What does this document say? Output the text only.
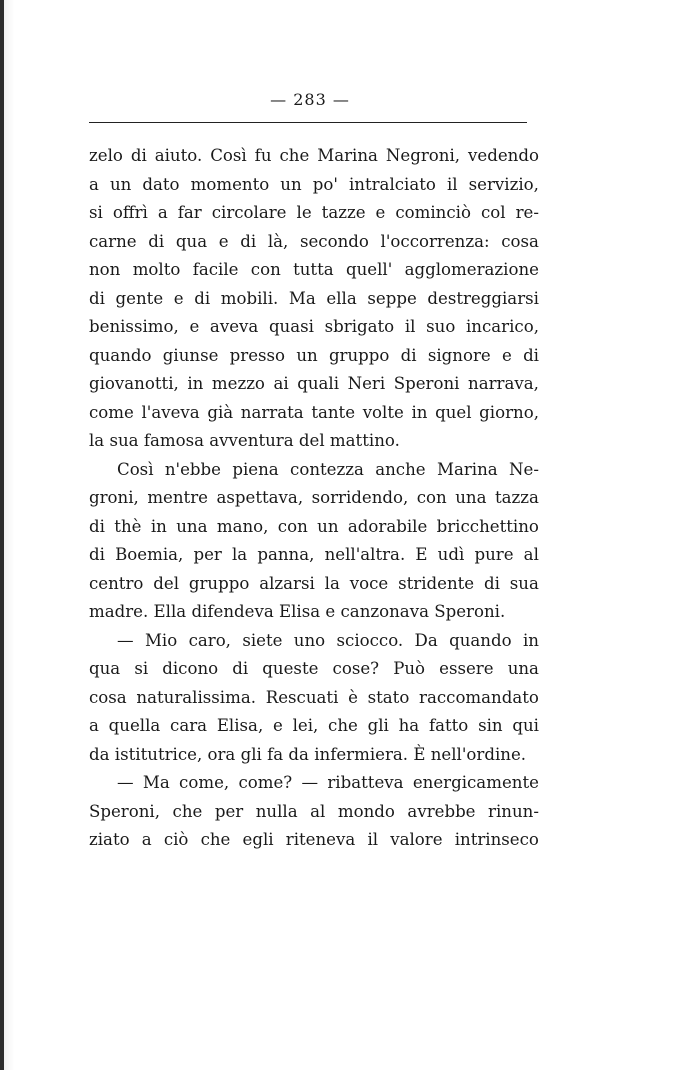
— 283 —
zelo di aiuto. Così fu che Marina Negroni, vedendo
a un dato momento un po' intralciato il servizio,
si offrì a far circolare le tazze e cominciò col re-
carne di qua e di là, secondo l'occorrenza: cosa
non molto facile con tutta quell' agglomerazione
di gente e di mobili. Ma ella seppe destreggiarsi
benissimo, e aveva quasi sbrigato il suo incarico,
quando giunse presso un gruppo di signore e di
giovanotti, in mezzo ai quali Neri Speroni narrava,
come l'aveva già narrata tante volte in quel giorno,
la sua famosa avventura del mattino.
Così n'ebbe piena contezza anche Marina Ne-
groni, mentre aspettava, sorridendo, con una tazza
di thè in una mano, con un adorabile bricchettino
di Boemia, per la panna, nell'altra. E udì pure al
centro del gruppo alzarsi la voce stridente di sua
madre. Ella difendeva Elisa e canzonava Speroni.
— Mio caro, siete uno sciocco. Da quando in
qua si dicono di queste cose? Può essere una
cosa naturalissima. Rescuati è stato raccomandato
a quella cara Elisa, e lei, che gli ha fatto sin qui
da istitutrice, ora gli fa da infermiera. È nell'ordine.
— Ma come, come? — ribatteva energicamente
Speroni, che per nulla al mondo avrebbe rinun-
ziato a ciò che egli riteneva il valore intrinseco
